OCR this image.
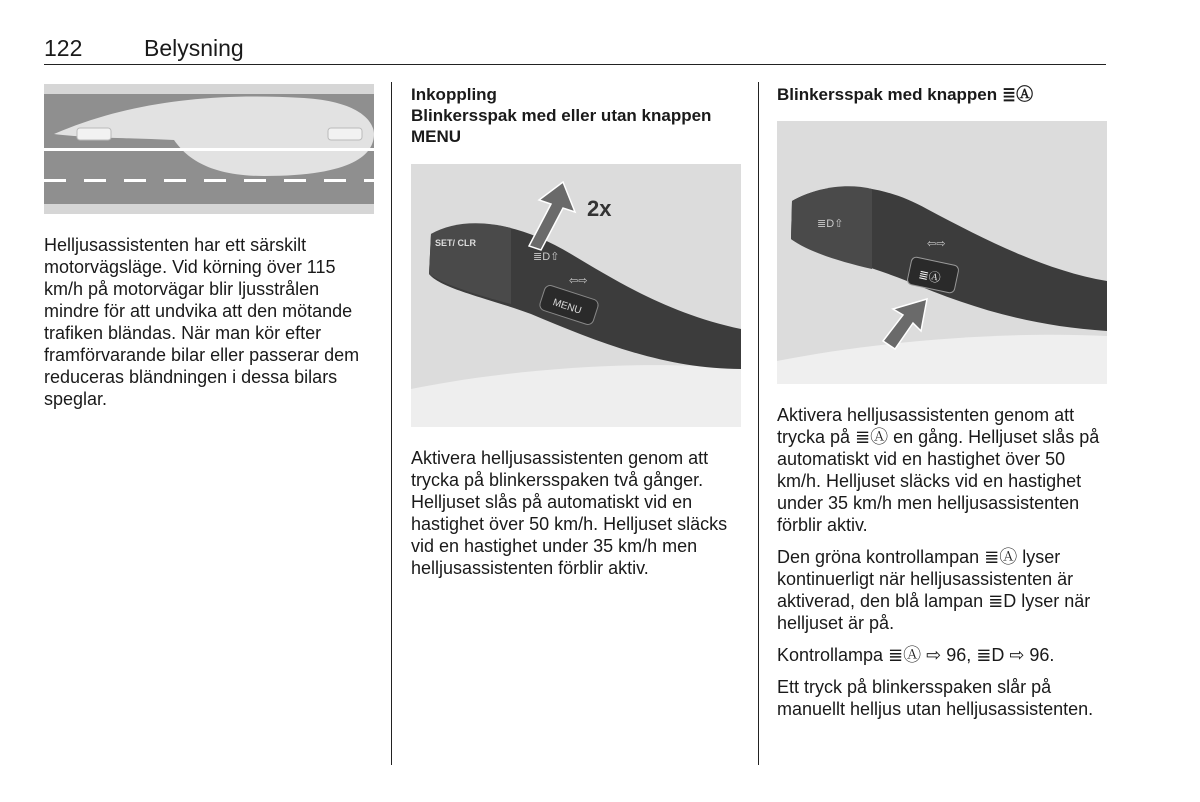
122	Belysning

Helljusassistenten har ett särskilt motorvägsläge. Vid körning över 115 km/h på motorvägar blir ljusstrålen mindre för att undvika att den mötande trafiken bländas. När man kör efter framförvarande bilar eller passerar dem reduceras bländningen i dessa bilars speglar.

Inkoppling

Blinkersspak med eller utan knappen MENU

MENU
SET/ CLR
≣D⇧
⇦⇨
2x

Aktivera helljusassistenten genom att trycka på blinkersspaken två gånger. Helljuset slås på automatiskt vid en hastighet över 50 km/h. Helljuset släcks vid en hastighet under 35 km/h men helljusassistenten förblir aktiv.

Blinkersspak med knappen ≣Ⓐ

≣D⇧
⇦⇨
≣Ⓐ

Aktivera helljusassistenten genom att trycka på ≣Ⓐ en gång. Helljuset slås på automatiskt vid en hastighet över 50 km/h. Helljuset släcks vid en hastighet under 35 km/h men helljusassistenten förblir aktiv.

Den gröna kontrollampan ≣Ⓐ lyser kontinuerligt när helljusassistenten är aktiverad, den blå lampan ≣D lyser när helljuset är på.

Kontrollampa ≣Ⓐ ⇨ 96, ≣D ⇨ 96.

Ett tryck på blinkersspaken slår på manuellt helljus utan helljusassistenten.
